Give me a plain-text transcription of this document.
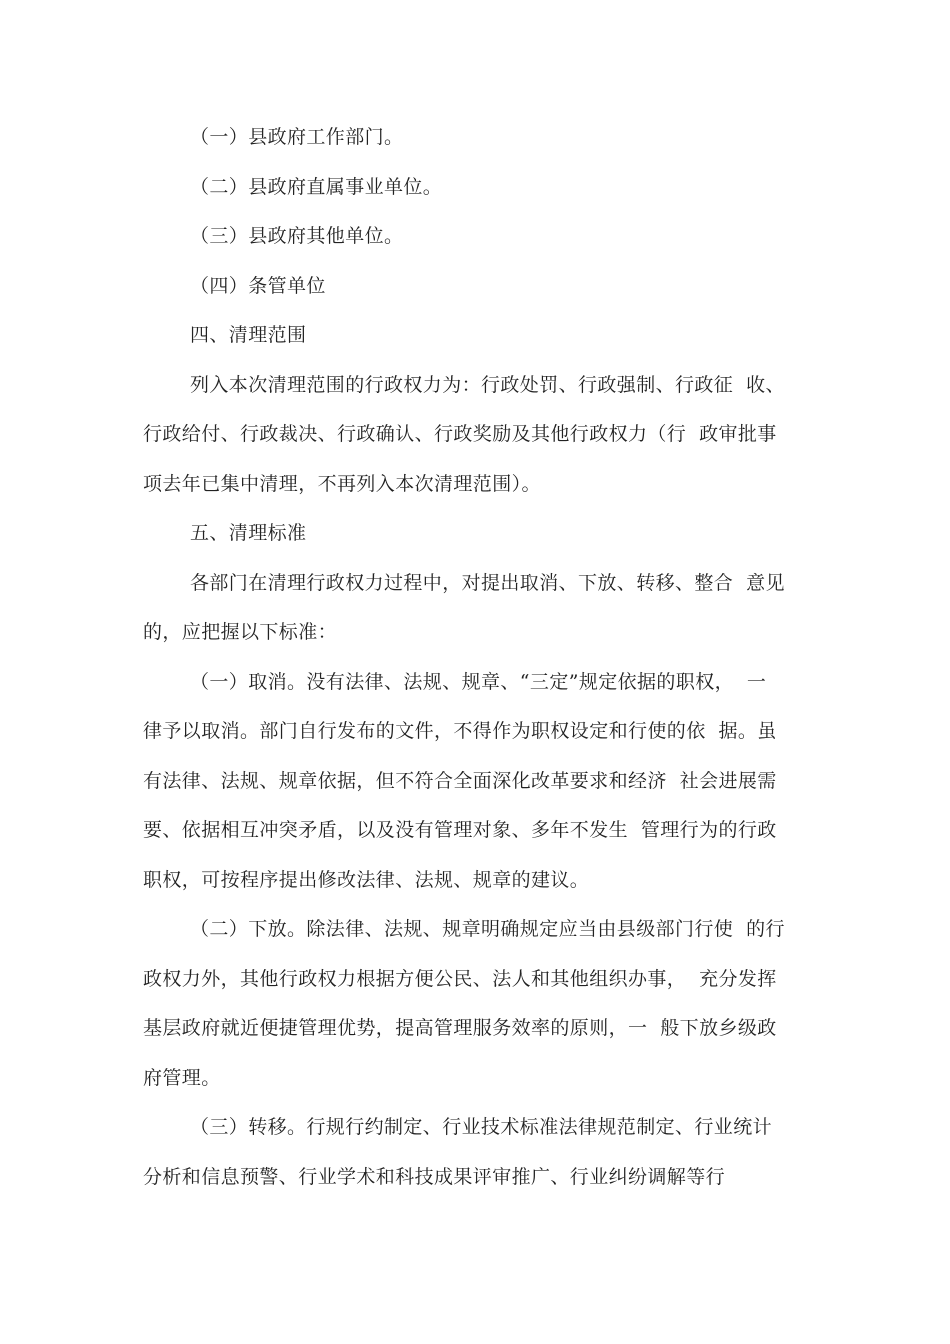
（一）县政府工作部门。
（二）县政府直属事业单位。
（三）县政府其他单位。
（四）条管单位
四、清理范围
列入本次清理范围的行政权力为：行政处罚、行政强制、行政征  收、
行政给付、行政裁决、行政确认、行政奖励及其他行政权力（行  政审批事
项去年已集中清理，不再列入本次清理范围）。
五、清理标准
各部门在清理行政权力过程中，对提出取消、下放、转移、整合  意见
的，应把握以下标准：
（一）取消。没有法律、法规、规章、“三定”规定依据的职权，  一
律予以取消。部门自行发布的文件，不得作为职权设定和行使的依  据。虽
有法律、法规、规章依据，但不符合全面深化改革要求和经济  社会进展需
要、依据相互冲突矛盾，以及没有管理对象、多年不发生  管理行为的行政
职权，可按程序提出修改法律、法规、规章的建议。
（二）下放。除法律、法规、规章明确规定应当由县级部门行使  的行
政权力外，其他行政权力根据方便公民、法人和其他组织办事，  充分发挥
基层政府就近便捷管理优势，提高管理服务效率的原则，一  般下放乡级政
府管理。
（三）转移。行规行约制定、行业技术标准法律规范制定、行业统计
分析和信息预警、行业学术和科技成果评审推广、行业纠纷调解等行
